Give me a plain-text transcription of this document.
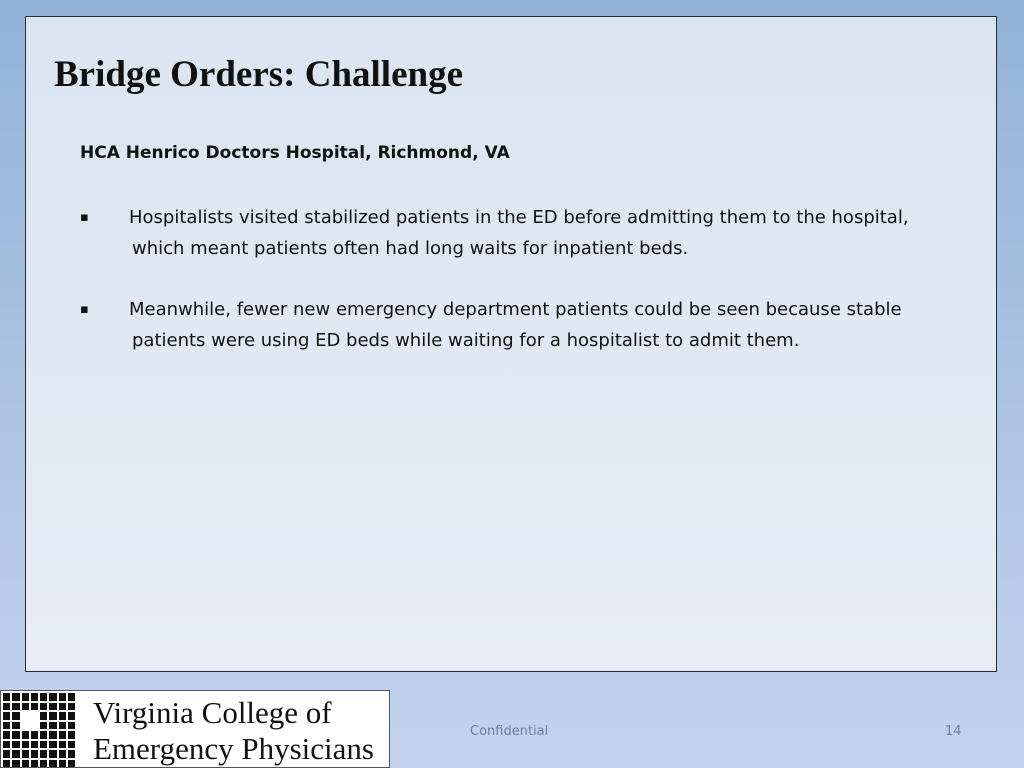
Bridge Orders: Challenge

HCA Henrico Doctors Hospital, Richmond, VA

▪ Hospitalists visited stabilized patients in the ED before admitting them to the hospital, which meant patients often had long waits for inpatient beds.
▪ Meanwhile, fewer new emergency department patients could be seen because stable patients were using ED beds while waiting for a hospitalist to admit them.
Virginia College of
Emergency Physicians	Confidential	14
